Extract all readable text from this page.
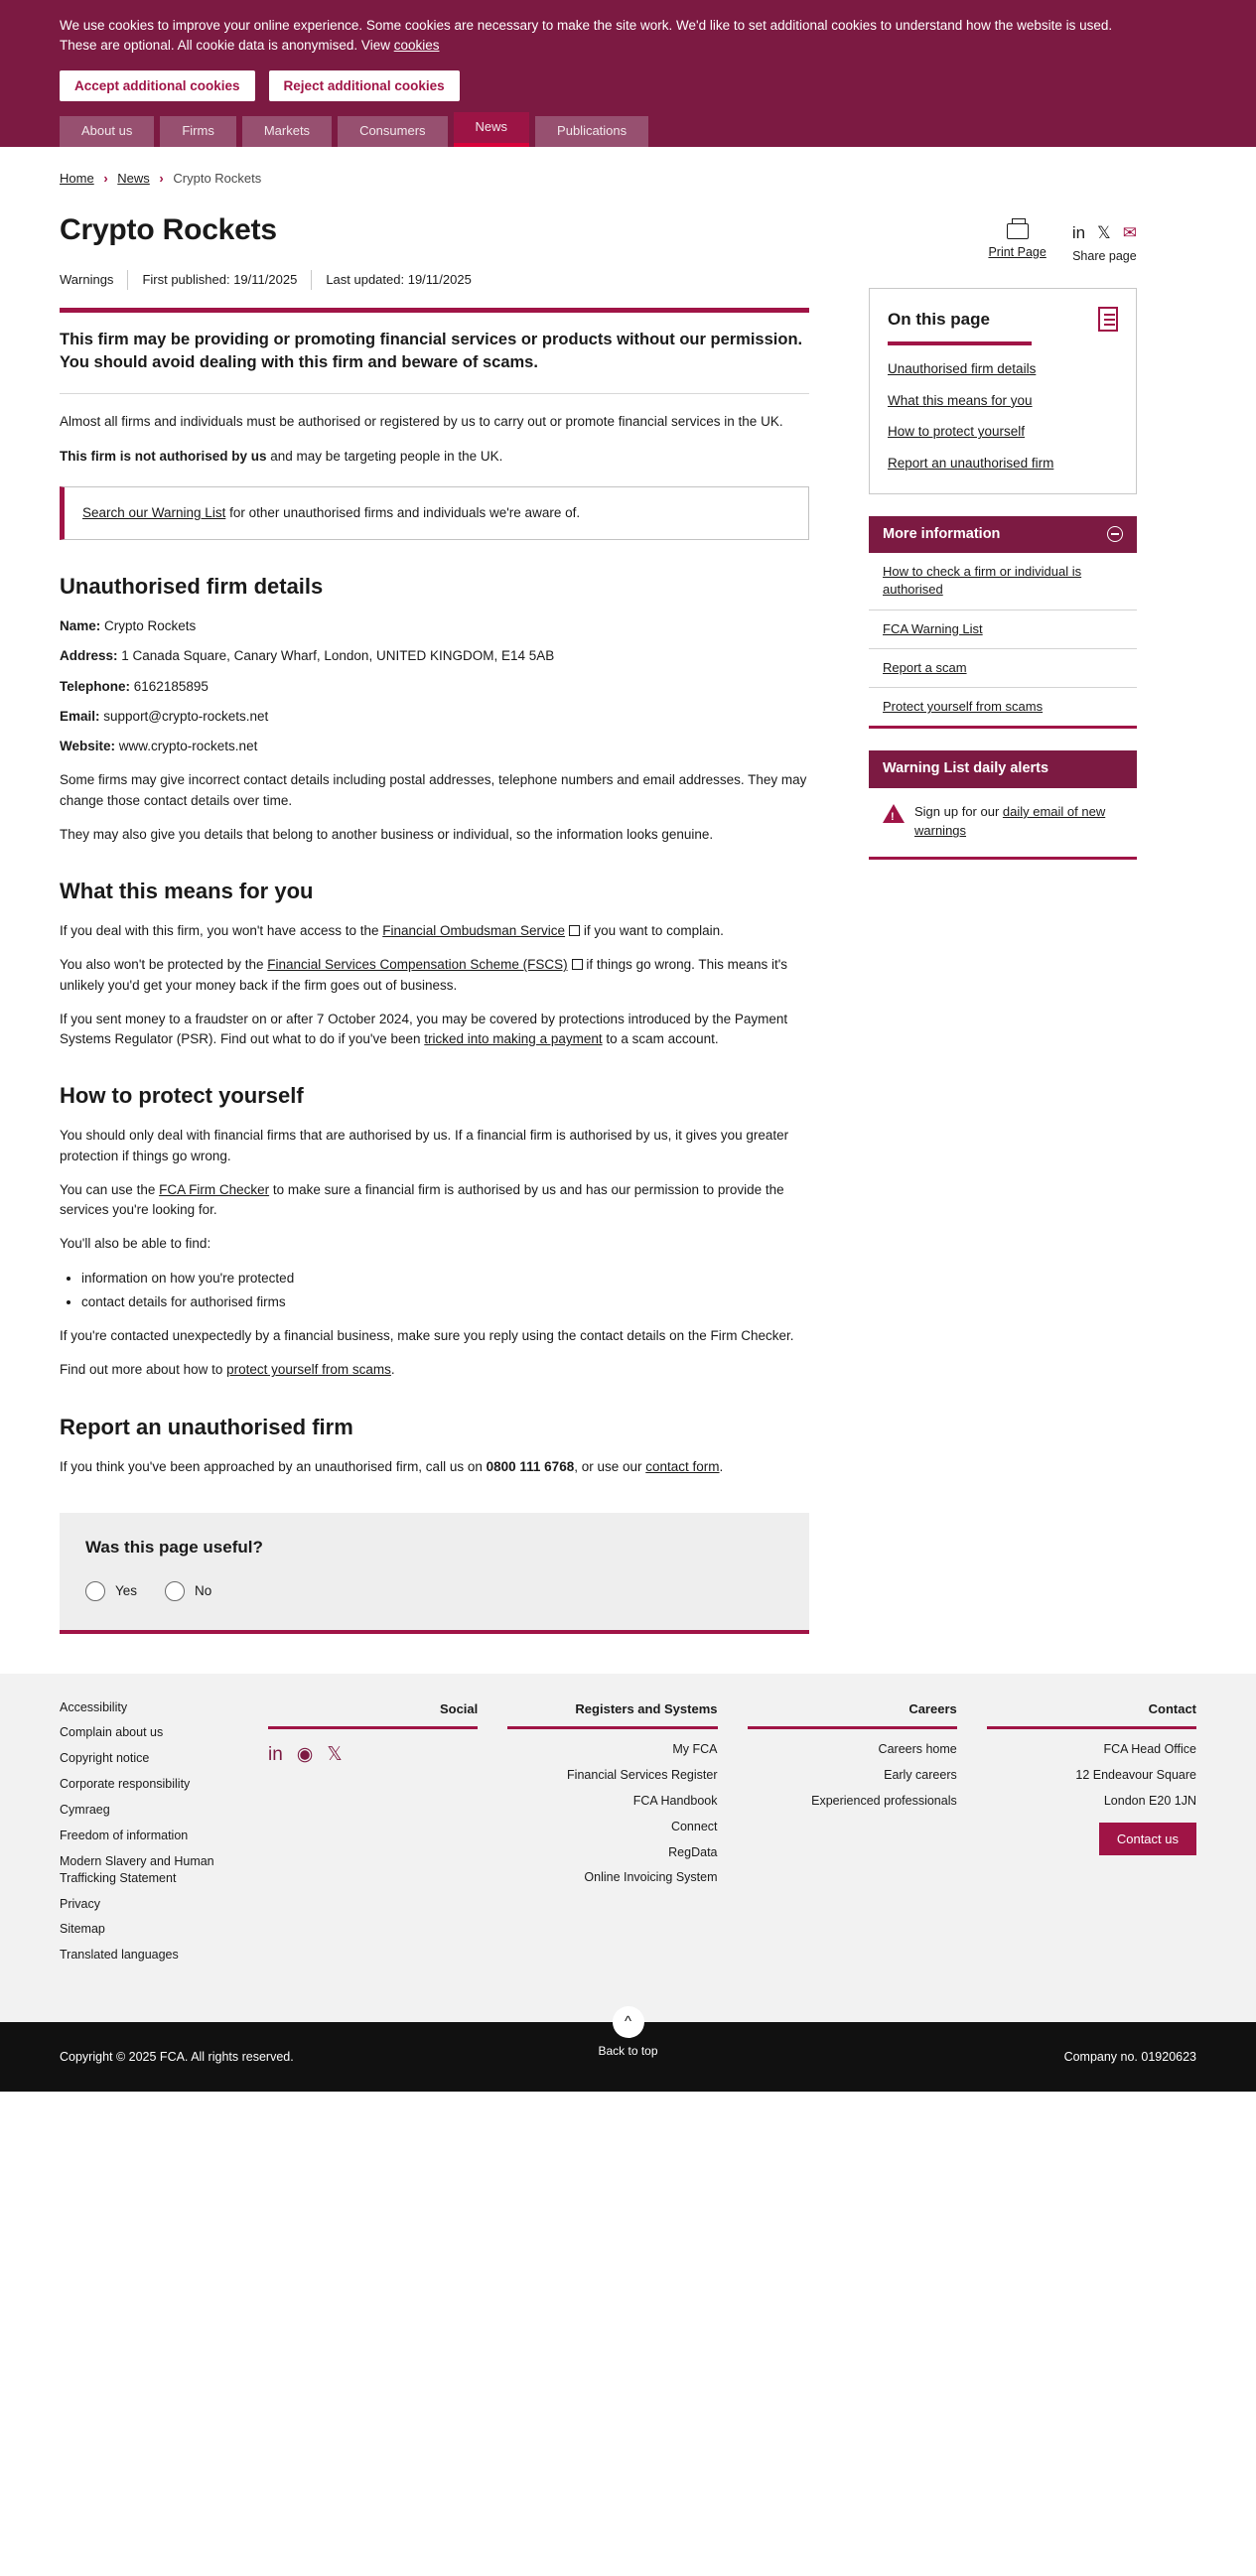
We use cookies to improve your online experience. Some cookies are necessary to make the site work. We'd like to set additional cookies to understand how the website is used. These are optional. All cookie data is anonymised. View cookies

Accept additional cookies	Reject additional cookies
About us	Firms	Markets	Consumers	News	Publications
Home › News › Crypto Rockets
Crypto Rockets
Warnings	First published: 19/11/2025	Last updated: 19/11/2025

This firm may be providing or promoting financial services or products without our permission. You should avoid dealing with this firm and beware of scams.

Almost all firms and individuals must be authorised or registered by us to carry out or promote financial services in the UK.

This firm is not authorised by us and may be targeting people in the UK.

Search our Warning List for other unauthorised firms and individuals we're aware of.
Unauthorised firm details
Name: Crypto Rockets
Address: 1 Canada Square, Canary Wharf, London, UNITED KINGDOM, E14 5AB
Telephone: 6162185895
Email: support@crypto-rockets.net
Website: www.crypto-rockets.net

Some firms may give incorrect contact details including postal addresses, telephone numbers and email addresses. They may change those contact details over time.

They may also give you details that belong to another business or individual, so the information looks genuine.

What this means for you

If you deal with this firm, you won't have access to the Financial Ombudsman Service if you want to complain.

You also won't be protected by the Financial Services Compensation Scheme (FSCS) if things go wrong. This means it's unlikely you'd get your money back if the firm goes out of business.

If you sent money to a fraudster on or after 7 October 2024, you may be covered by protections introduced by the Payment Systems Regulator (PSR). Find out what to do if you've been tricked into making a payment to a scam account.

How to protect yourself

You should only deal with financial firms that are authorised by us. If a financial firm is authorised by us, it gives you greater protection if things go wrong.

You can use the FCA Firm Checker to make sure a financial firm is authorised by us and has our permission to provide the services you're looking for.

You'll also be able to find:

• information on how you're protected
• contact details for authorised firms

If you're contacted unexpectedly by a financial business, make sure you reply using the contact details on the Firm Checker.

Find out more about how to protect yourself from scams.

Report an unauthorised firm

If you think you've been approached by an unauthorised firm, call us on 0800 111 6768, or use our contact form.

Was this page useful?
Yes	No
Print Page
in 𝕏 ✉
Share page
On this page
Unauthorised firm details
What this means for you
How to protect yourself
Report an unauthorised firm
More information
How to check a firm or individual is authorised
FCA Warning List
Report a scam
Protect yourself from scams
Warning List daily alerts
!
Sign up for our daily email of new warnings
Accessibility
Complain about us
Copyright notice
Corporate responsibility
Cymraeg
Freedom of information
Modern Slavery and Human Trafficking Statement
Privacy
Sitemap
Translated languages
Social
in ◉ 𝕏
Registers and Systems
My FCA
Financial Services Register
FCA Handbook
Connect
RegData
Online Invoicing System
Careers
Careers home
Early careers
Experienced professionals
Contact
FCA Head Office
12 Endeavour Square
London E20 1JN
Contact us
Copyright © 2025 FCA. All rights reserved.
^
Back to top	Company no. 01920623
